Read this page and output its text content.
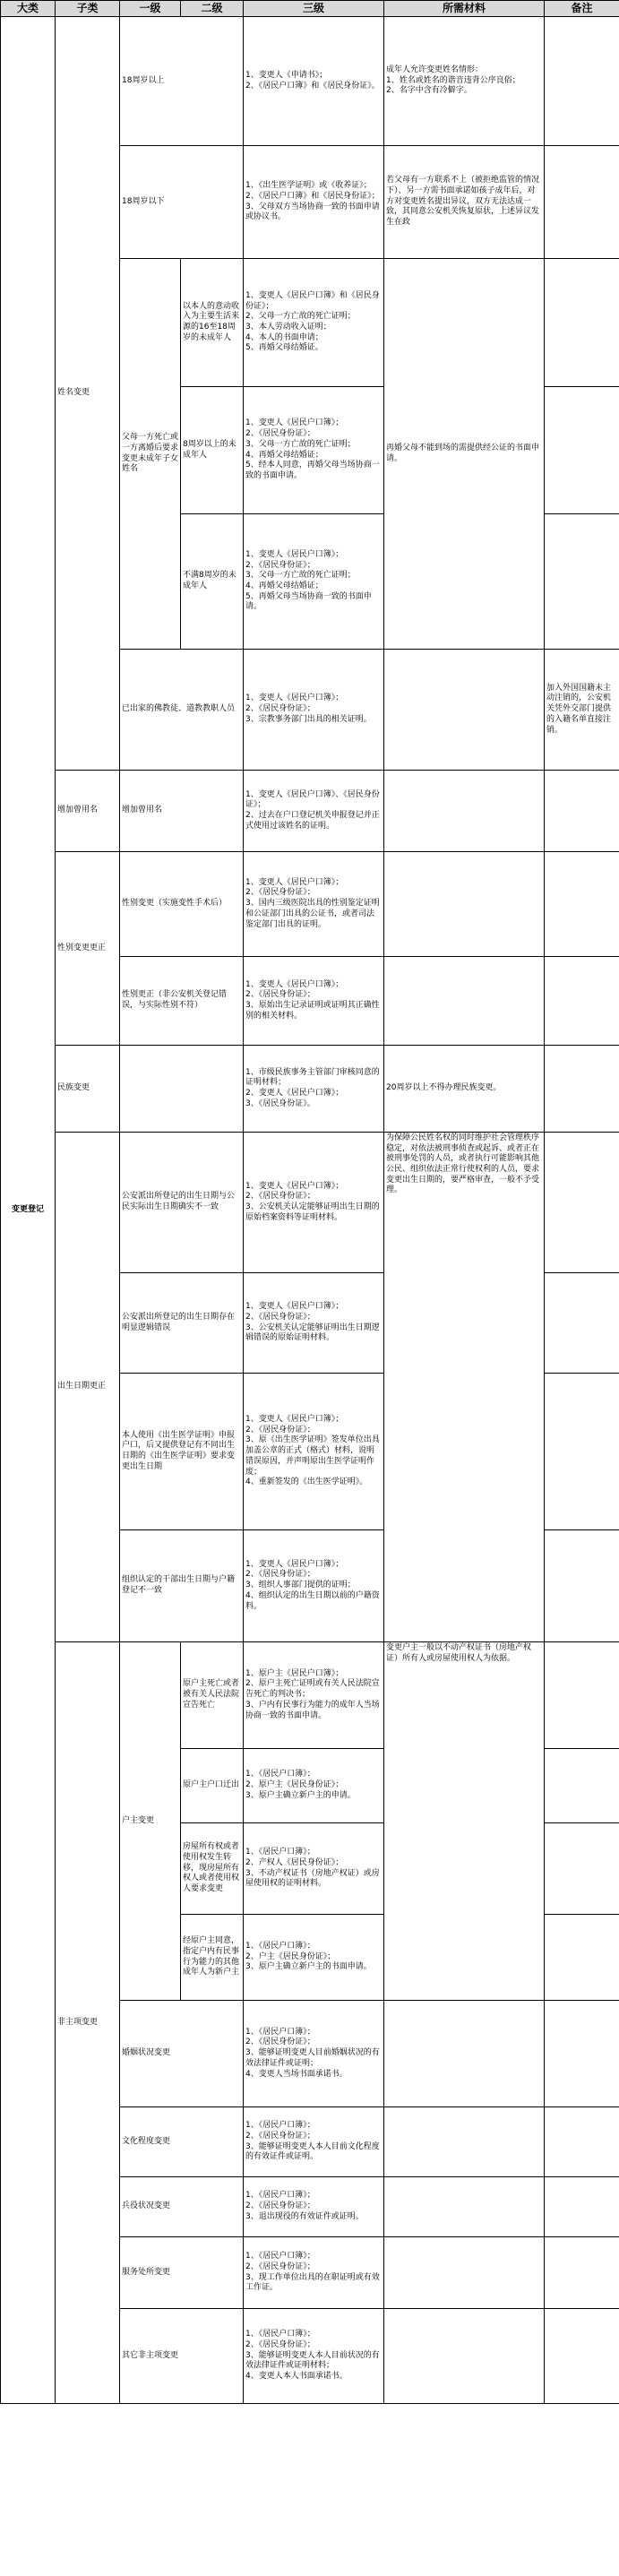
大类	子类	一级	二级	三级	所需材料	备注
变更登记	姓名变更	18周岁以上		1、变更人《申请书》；
2、《居民户口簿》和《居民身份证》。	成年人允许变更姓名情形：
1、姓名或姓名的谐音违背公序良俗；
2、名字中含有冷僻字。	

		18周岁以下		1、《出生医学证明》或《收养证》；
2、《居民户口簿》和《居民身份证》；
3、父母双方当场协商一致的书面申请或协议书。	若父母有一方联系不上（被拒绝监管的情况下）、另一方需书面承诺如孩子成年后，对方对变更姓名提出异议，双方无法达成一致，其同意公安机关恢复原状，上述异议发生在政	

		父母一方死亡或一方离婚后要求变更未成年子女姓名	以本人的意动收入为主要生活来源的16至18周岁的未成年人	1、变更人《居民户口簿》和《居民身份证》；
2、父母一方亡故的死亡证明；
3、本人劳动收入证明；
4、本人的书面申请；
5、再婚父母结婚证。	再婚父母不能到场的需提供经公证的书面申请。	

			8周岁以上的未成年人	1、变更人《居民户口簿》；
2、《居民身份证》；
3、父母一方亡故的死亡证明；
4、再婚父母结婚证；
5、经本人同意，再婚父母当场协商一致的书面申请。		

			不满8周岁的未成年人	1、变更人《居民户口簿》；
2、《居民身份证》；
3、父母一方亡故的死亡证明；
4、再婚父母结婚证；
5、再婚父母当场协商一致的书面申请。		

		已出家的佛教徒、道教教职人员		1、变更人《居民户口簿》；
2、《居民身份证》；
3、宗教事务部门出具的相关证明。		加入外国国籍未主动注销的，公安机关凭外交部门提供的入籍名单直接注销。
	增加曾用名	增加曾用名		1、变更人《居民户口簿》、《居民身份证》；
2、过去在户口登记机关申报登记并正式使用过该姓名的证明。		

	性别变更更正	性别变更（实施变性手术后）		1、变更人《居民户口簿》；
2、《居民身份证》；
3、国内三级医院出具的性别鉴定证明和公证部门出具的公证书，或者司法鉴定部门出具的证明。		

		性别更正（非公安机关登记错误，与实际性别不符）		1、变更人《居民户口簿》；
2、《居民身份证》；
3、原始出生记录证明或证明其正确性别的相关材料。		

	民族变更			1、市级民族事务主管部门审核同意的证明材料；
2、变更人《居民户口簿》；
3、《居民身份证》。	20周岁以上不得办理民族变更。	

	出生日期更正	公安派出所登记的出生日期与公民实际出生日期确实不一致		1、变更人《居民户口簿》；
2、《居民身份证》；
3、公安机关认定能够证明出生日期的原始档案资料等证明材料。	为保障公民姓名权的同时维护社会管理秩序稳定，对依法被刑事侦查或起诉、或者正在被刑事处罚的人员，或者执行可能影响其他公民、组织依法正常行使权利的人员，要求变更出生日期的，要严格审查，一般不予受理。	

		公安派出所登记的出生日期存在明显逻辑错误		1、变更人《居民户口簿》；
2、《居民身份证》；
3、公安机关认定能够证明出生日期逻辑错误的原始证明材料。		

		本人使用《出生医学证明》申报户口，后又提供登记有不同出生日期的《出生医学证明》要求变更出生日期		1、变更人《居民户口簿》；
2、《居民身份证》；
3、原《出生医学证明》签发单位出具加盖公章的正式（格式）材料，说明错误原因，并声明原出生医学证明作废；
4、重新签发的《出生医学证明》。		

		组织认定的干部出生日期与户籍登记不一致		1、变更人《居民户口簿》；
2、《居民身份证》；
3、组织人事部门提供的证明；
4、组织认定的出生日期以前的户籍资料。		

	非主项变更	户主变更	原户主死亡或者被有关人民法院宣告死亡	1、原户主《居民户口簿》；
2、原户主死亡证明或有关人民法院宣告死亡的判决书；
3、户内有民事行为能力的成年人当场协商一致的书面申请。	变更户主一般以不动产权证书（房地产权证）所有人或房屋使用权人为依据。	

			原户主户口迁出	1、《居民户口簿》；
2、原户主《居民身份证》；
3、原户主确立新户主的申请。		

			房屋所有权或者使用权发生转移，现房屋所有权人或者使用权人要求变更	1、《居民户口簿》；
2、产权人《居民身份证》；
3、不动产权证书（房地产权证）或房屋使用权的证明材料。		

			经原户主同意，指定户内有民事行为能力的其他成年人为新户主	1、《居民户口簿》；
2、户主《居民身份证》；
3、原户主确立新户主的书面申请。		

		婚姻状况变更		1、《居民户口簿》；
2、《居民身份证》；
3、能够证明变更人目前婚姻状况的有效法律证件或证明；
4、变更人当场书面承诺书。		

		文化程度变更		1、《居民户口簿》；
2、《居民身份证》；
3、能够证明变更人本人目前文化程度的有效证件或证明。		

		兵役状况变更		1、《居民户口簿》；
2、《居民身份证》；
3、退出现役的有效证件或证明。		

		服务处所变更		1、《居民户口簿》；
2、《居民身份证》；
3、现工作单位出具的在职证明或有效工作证。		

		其它非主项变更		1、《居民户口簿》；
2、《居民身份证》；
3、能够证明变更人本人目前状况的有效法律证件或证明材料；
4、变更人本人书面承诺书。		
